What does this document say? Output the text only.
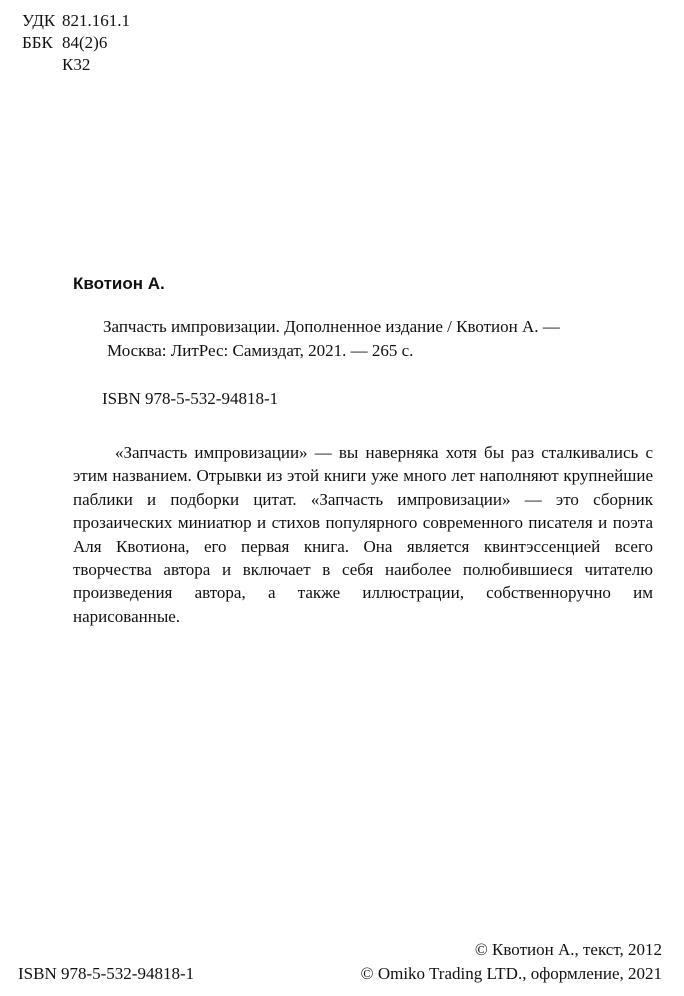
УДК 821.161.1
ББК 84(2)6
К32
Квотион А.
Запчасть импровизации. Дополненное издание / Квотион А. —
Москва: ЛитРес: Самиздат, 2021. — 265 с.
ISBN 978-5-532-94818-1

«Запчасть импровизации» — вы наверняка хотя бы раз сталкивались с этим названием. Отрывки из этой книги уже много лет наполняют крупнейшие паблики и подборки цитат. «Запчасть импровизации» — это сборник прозаических миниатюр и стихов популярного современного писателя и поэта Аля Квотиона, его первая книга. Она является квинтэссенцией всего творчества автора и включает в себя наиболее полюбившиеся читателю произведения автора, а также иллюстрации, собственноручно им нарисованные.

ISBN 978-5-532-94818-1
© Квотион А., текст, 2012
© Omiko Trading LTD., оформление, 2021
